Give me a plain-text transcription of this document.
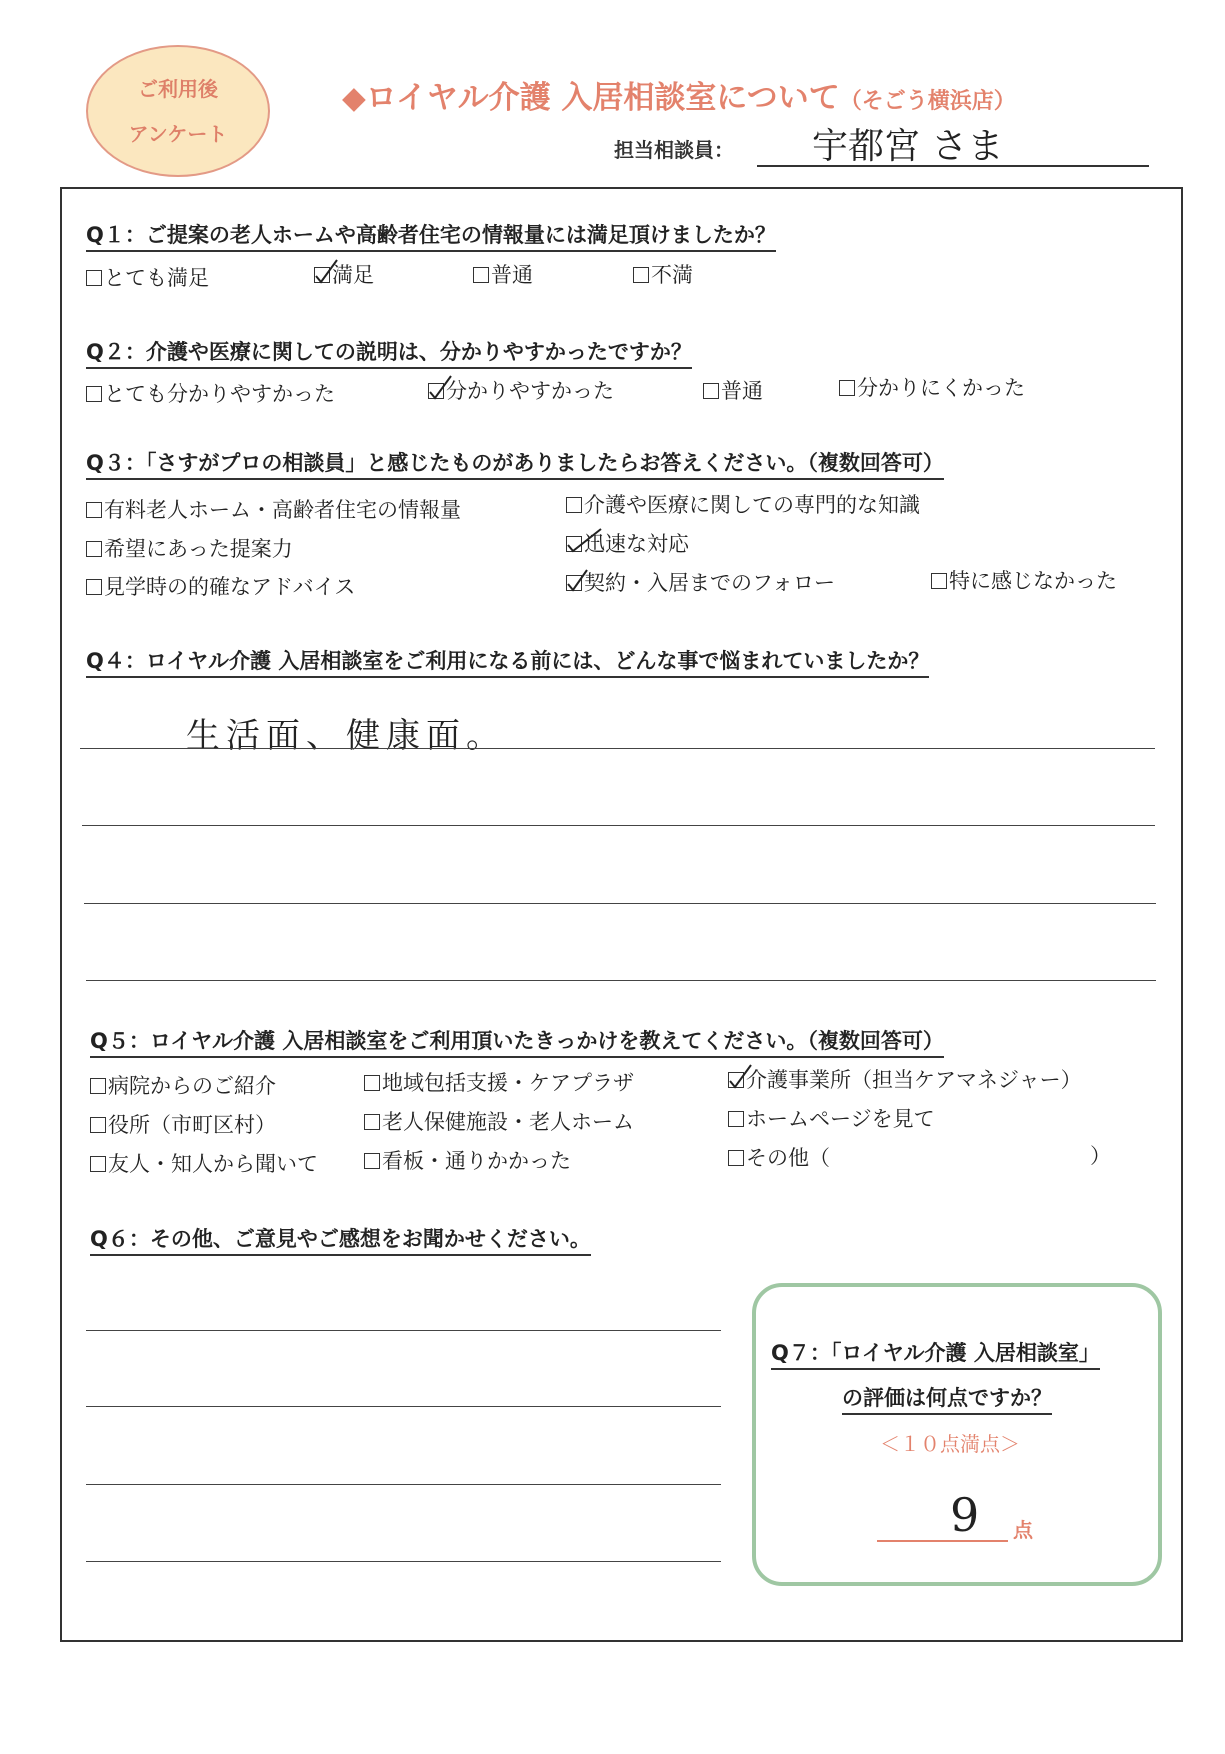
ご利用後
アンケート
◆ロイヤル介護 入居相談室について（そごう横浜店）
担当相談員： 宇都宮 さま
Q１：ご提案の老人ホームや高齢者住宅の情報量には満足頂けましたか？
とても満足	満足	普通	不満
Q２：介護や医療に関しての説明は、分かりやすかったですか？
とても分かりやすかった	分かりやすかった	普通	分かりにくかった
Q３：「さすがプロの相談員」と感じたものがありましたらお答えください。（複数回答可）
有料老人ホーム・高齢者住宅の情報量
希望にあった提案力
見学時の的確なアドバイス
介護や医療に関しての専門的な知識
迅速な対応
契約・入居までのフォロー	特に感じなかった
Q４：ロイヤル介護 入居相談室をご利用になる前には、どんな事で悩まれていましたか？
生活面、健康面。
Q５：ロイヤル介護 入居相談室をご利用頂いたきっかけを教えてください。（複数回答可）
病院からのご紹介
役所（市町区村）
友人・知人から聞いて
地域包括支援・ケアプラザ
老人保健施設・老人ホーム
看板・通りかかった
介護事業所（担当ケアマネジャー）
ホームページを見て
その他（	）
Q６：その他、ご意見やご感想をお聞かせください。
Q７：「ロイヤル介護 入居相談室」
の評価は何点ですか？
＜１０点満点＞
9 点
